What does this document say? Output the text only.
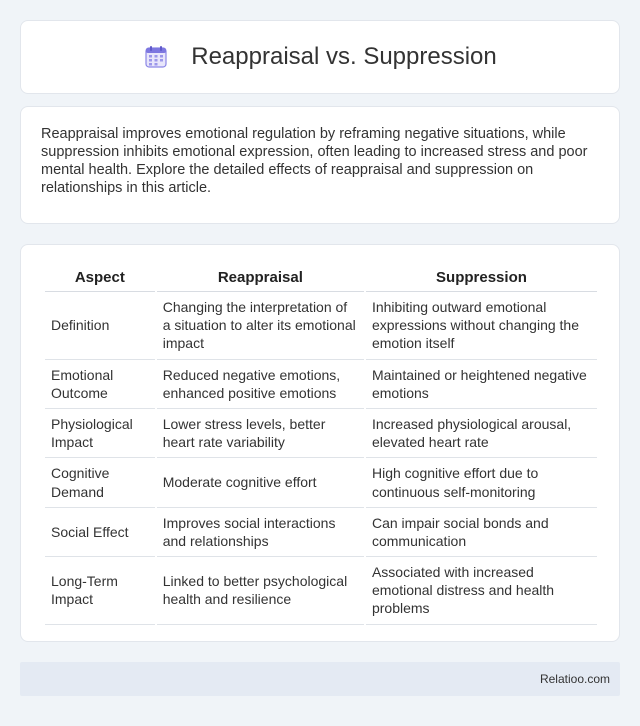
Reappraisal vs. Suppression

Reappraisal improves emotional regulation by reframing negative situations, while suppression inhibits emotional expression, often leading to increased stress and poor mental health. Explore the detailed effects of reappraisal and suppression on relationships in this article.

Aspect	Reappraisal	Suppression
Definition	Changing the interpretation of a situation to alter its emotional impact	Inhibiting outward emotional expressions without changing the emotion itself
Emotional Outcome	Reduced negative emotions, enhanced positive emotions	Maintained or heightened negative emotions
Physiological Impact	Lower stress levels, better heart rate variability	Increased physiological arousal, elevated heart rate
Cognitive Demand	Moderate cognitive effort	High cognitive effort due to continuous self-monitoring
Social Effect	Improves social interactions and relationships	Can impair social bonds and communication
Long-Term Impact	Linked to better psychological health and resilience	Associated with increased emotional distress and health problems
Relatioo.com
